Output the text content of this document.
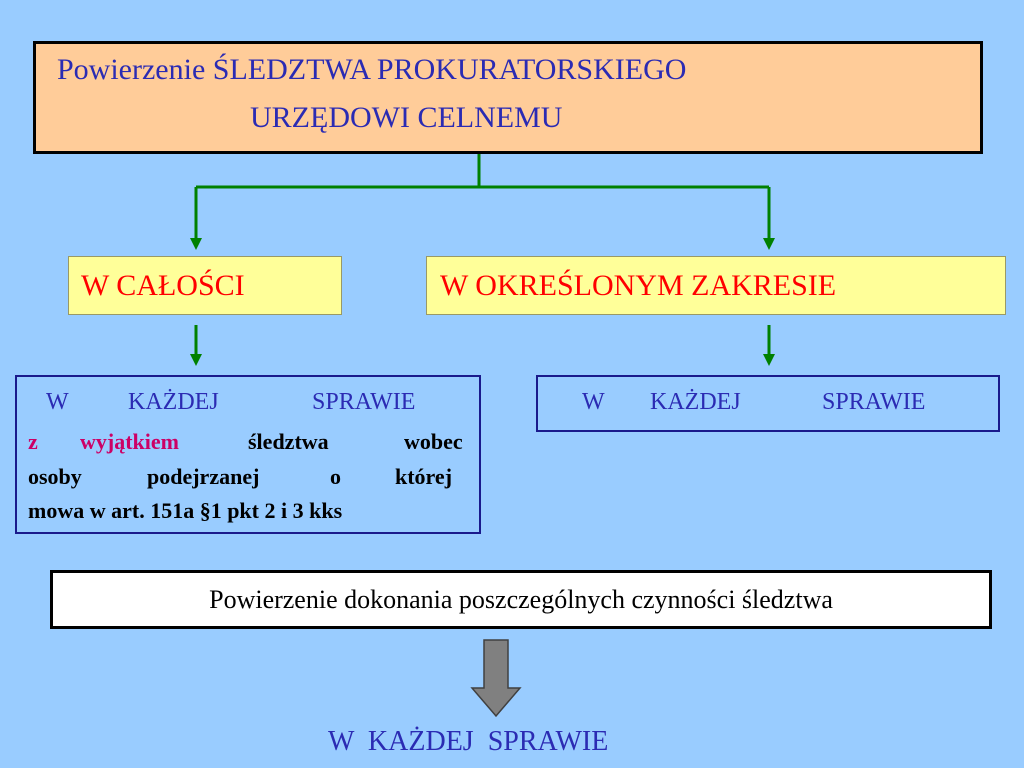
Powierzenie ŚLEDZTWA PROKURATORSKIEGO
URZĘDOWI CELNEMU
W CAŁOŚCI	W OKREŚLONYM ZAKRESIE
W KAŻDEJ	SPRAWIE
z wyjątkiem	śledztwa	wobec
osoby	podejrzanej	o której
mowa w art. 151a §1 pkt 2 i 3 kks
W KAŻDEJ	SPRAWIE
Powierzenie dokonania poszczególnych czynności śledztwa
W  KAŻDEJ  SPRAWIE
